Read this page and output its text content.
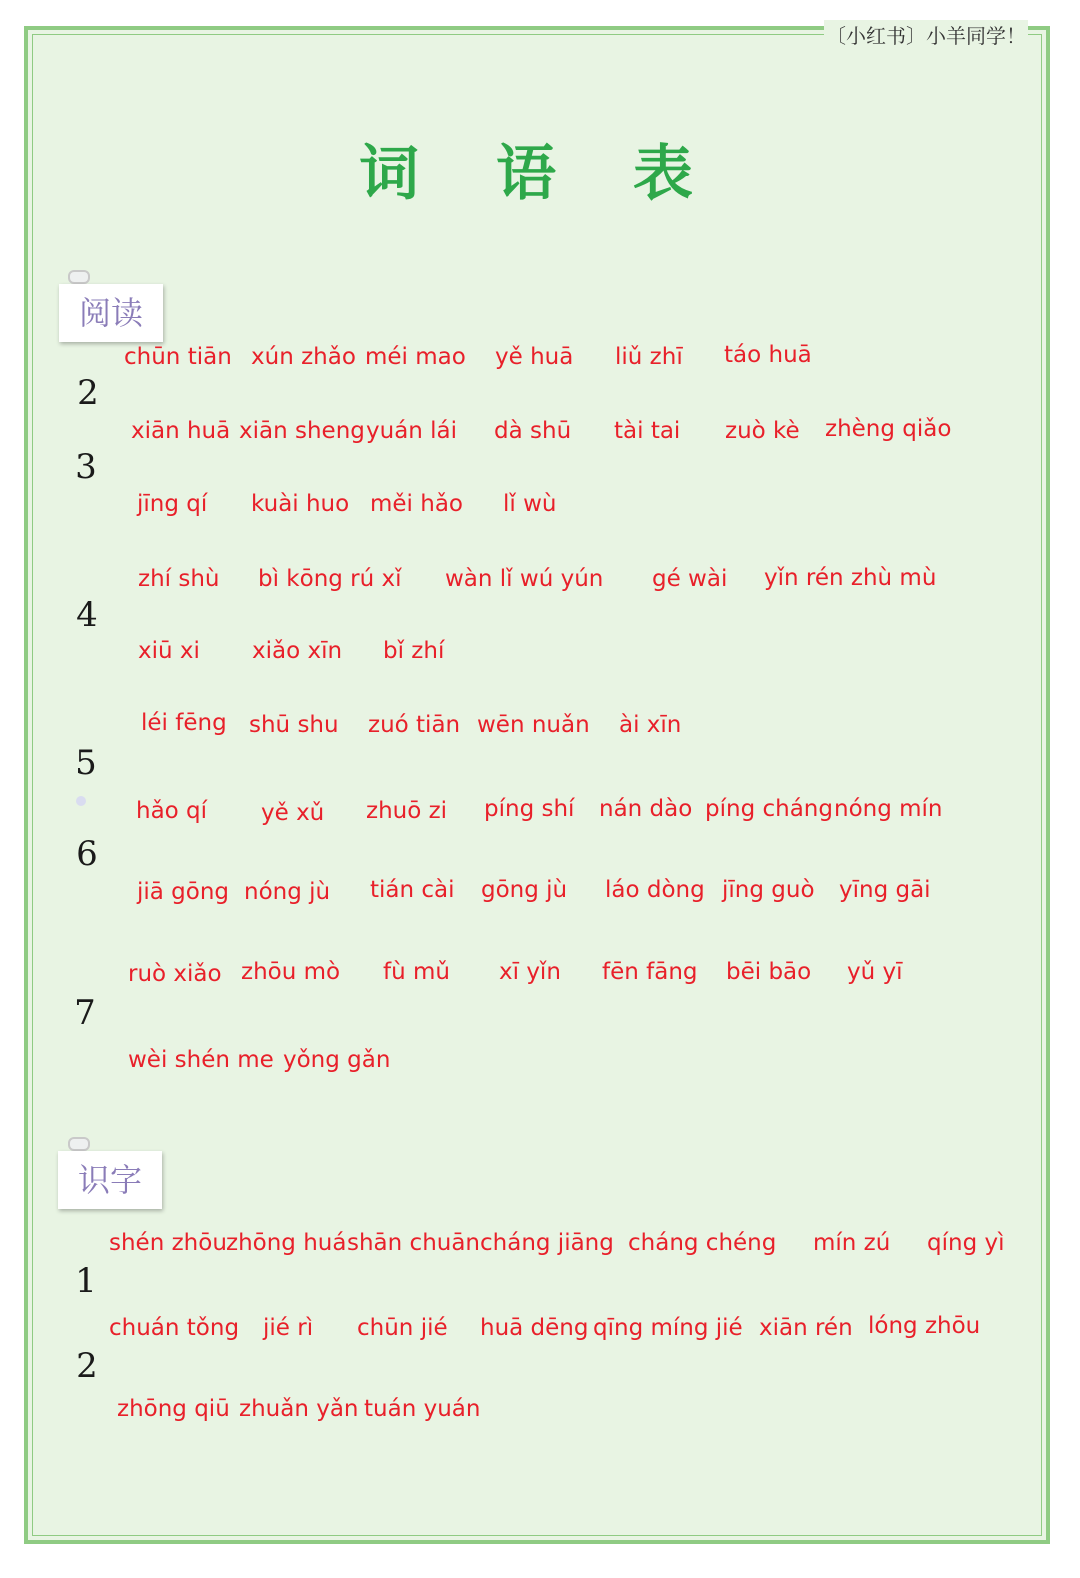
〔小红书〕小羊同学！
词 语 表
阅读
识字
2
3
4
5
6
7
1
2
chūn tiān xún zhǎo méi mao yě huā liǔ zhī táo huā
xiān huā xiān sheng yuán lái dà shū tài tai zuò kè zhèng qiǎo
jīng qí kuài huo měi hǎo lǐ wù
zhí shù bì kōng rú xǐ wàn lǐ wú yún gé wài yǐn rén zhù mù
xiū xi xiǎo xīn bǐ zhí
léi fēng shū shu zuó tiān wēn nuǎn ài xīn
hǎo qí yě xǔ zhuō zi píng shí nán dào píng cháng nóng mín
jiā gōng nóng jù tián cài gōng jù láo dòng jīng guò yīng gāi
ruò xiǎo zhōu mò fù mǔ xī yǐn fēn fāng bēi bāo yǔ yī
wèi shén me yǒng gǎn
shén zhōu zhōng huá shān chuān cháng jiāng cháng chéng mín zú qíng yì
chuán tǒng jié rì chūn jié huā dēng qīng míng jié xiān rén lóng zhōu
zhōng qiū zhuǎn yǎn tuán yuán
